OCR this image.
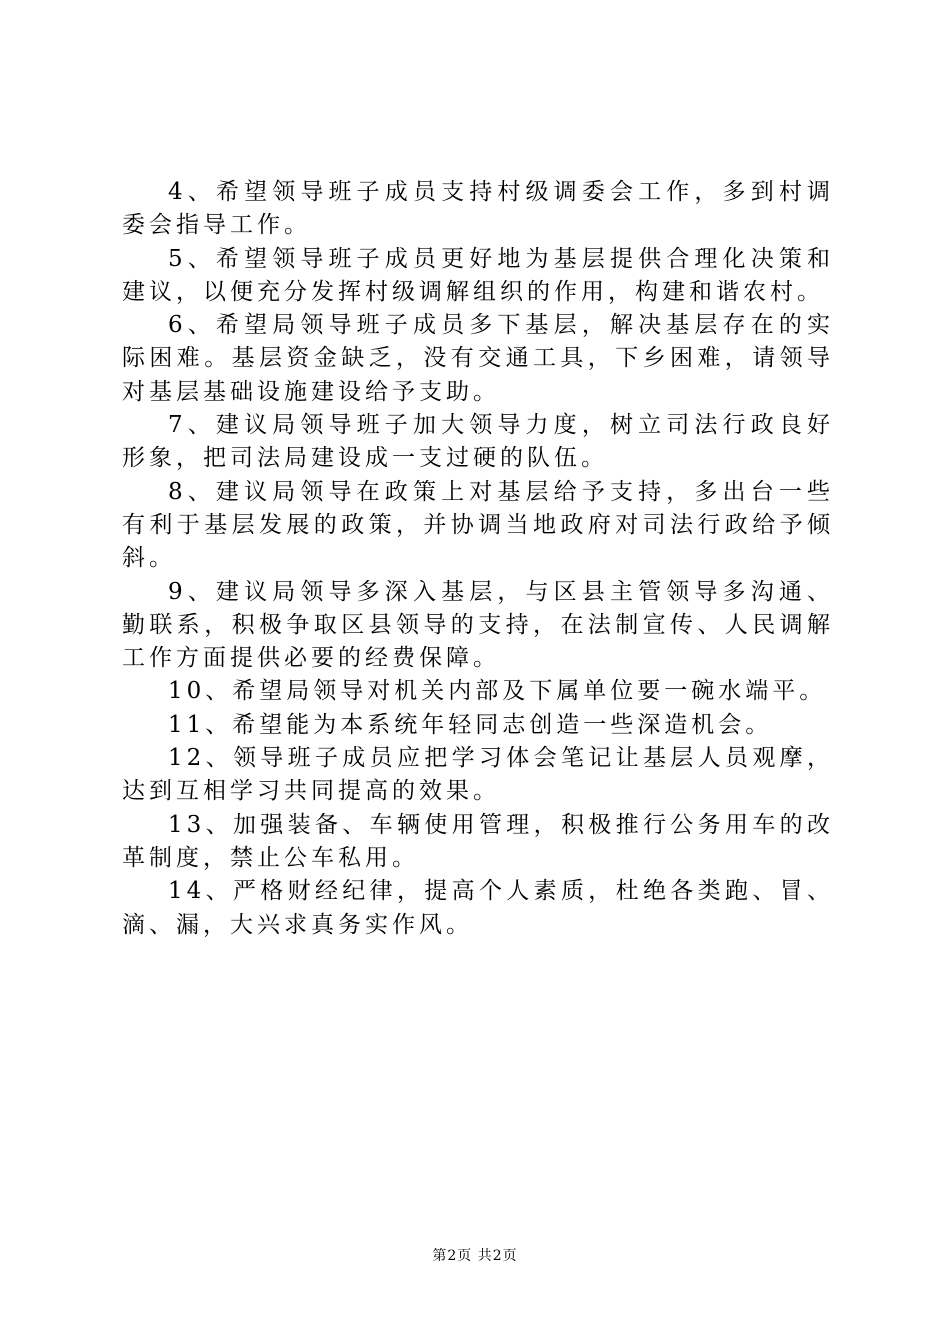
4、希望领导班子成员支持村级调委会工作，多到村调委会指导工作。

5、希望领导班子成员更好地为基层提供合理化决策和建议，以便充分发挥村级调解组织的作用，构建和谐农村。

6、希望局领导班子成员多下基层，解决基层存在的实际困难。基层资金缺乏，没有交通工具，下乡困难，请领导对基层基础设施建设给予支助。

7、建议局领导班子加大领导力度，树立司法行政良好形象，把司法局建设成一支过硬的队伍。

8、建议局领导在政策上对基层给予支持，多出台一些有利于基层发展的政策，并协调当地政府对司法行政给予倾斜。

9、建议局领导多深入基层，与区县主管领导多沟通、勤联系，积极争取区县领导的支持，在法制宣传、人民调解工作方面提供必要的经费保障。

10、希望局领导对机关内部及下属单位要一碗水端平。

11、希望能为本系统年轻同志创造一些深造机会。

12、领导班子成员应把学习体会笔记让基层人员观摩，达到互相学习共同提高的效果。

13、加强装备、车辆使用管理，积极推行公务用车的改革制度，禁止公车私用。

14、严格财经纪律，提高个人素质，杜绝各类跑、冒、滴、漏，大兴求真务实作风。

第2页 共2页
